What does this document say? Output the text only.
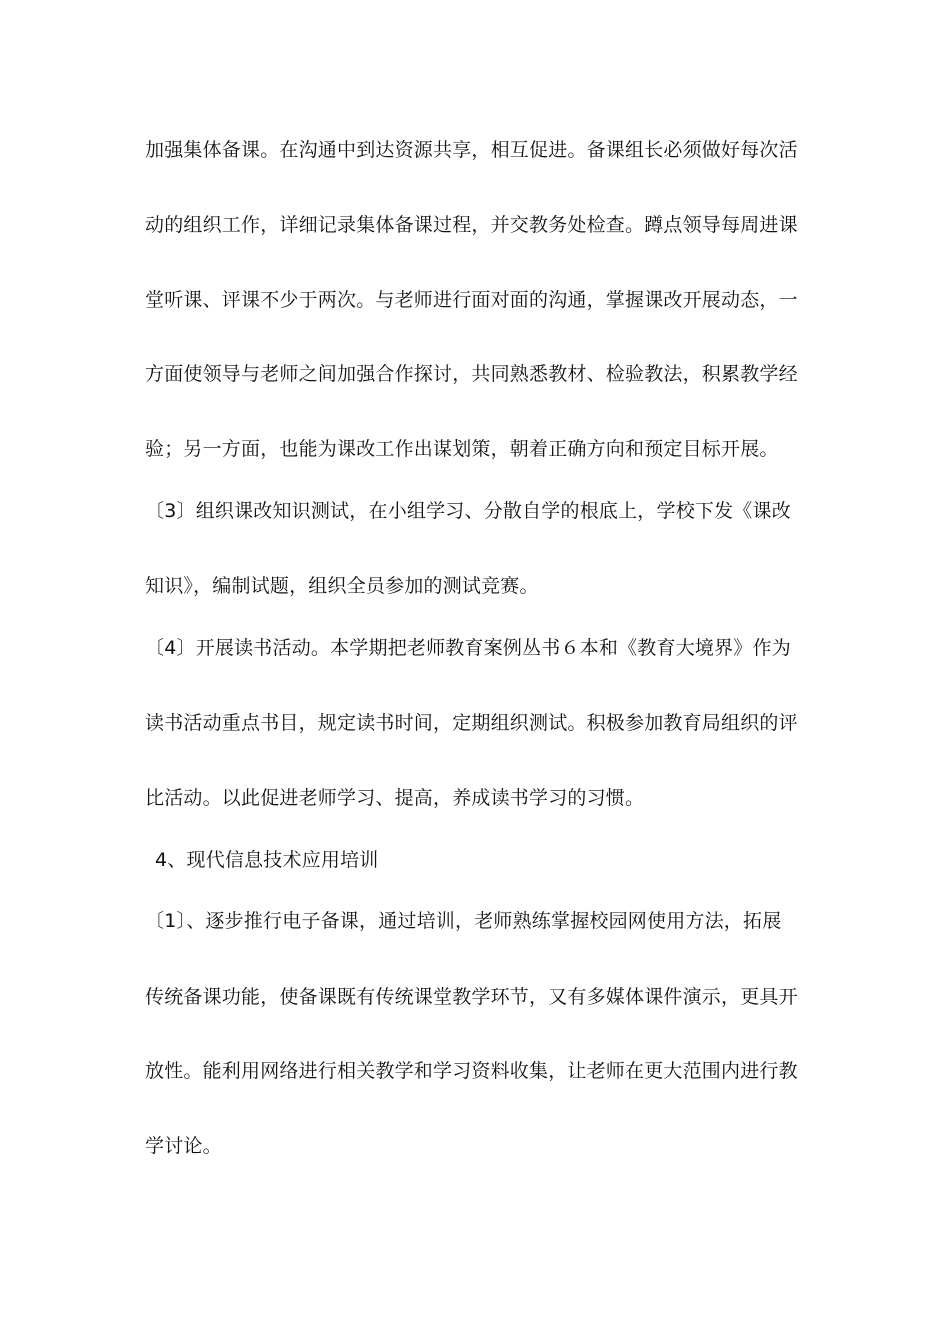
加强集体备课。在沟通中到达资源共享，相互促进。备课组长必须做好每次活
动的组织工作，详细记录集体备课过程，并交教务处检查。蹲点领导每周进课
堂听课、评课不少于两次。与老师进行面对面的沟通，掌握课改开展动态，一
方面使领导与老师之间加强合作探讨，共同熟悉教材、检验教法，积累教学经
验；另一方面，也能为课改工作出谋划策，朝着正确方向和预定目标开展。
〔3〕组织课改知识测试，在小组学习、分散自学的根底上，学校下发《课改
知识》，编制试题，组织全员参加的测试竞赛。
〔4〕开展读书活动。本学期把老师教育案例丛书６本和《教育大境界》作为
读书活动重点书目，规定读书时间，定期组织测试。积极参加教育局组织的评
比活动。以此促进老师学习、提高，养成读书学习的习惯。
4、现代信息技术应用培训
〔1〕、逐步推行电子备课，通过培训，老师熟练掌握校园网使用方法，拓展
传统备课功能，使备课既有传统课堂教学环节，又有多媒体课件演示，更具开
放性。能利用网络进行相关教学和学习资料收集，让老师在更大范围内进行教
学讨论。
